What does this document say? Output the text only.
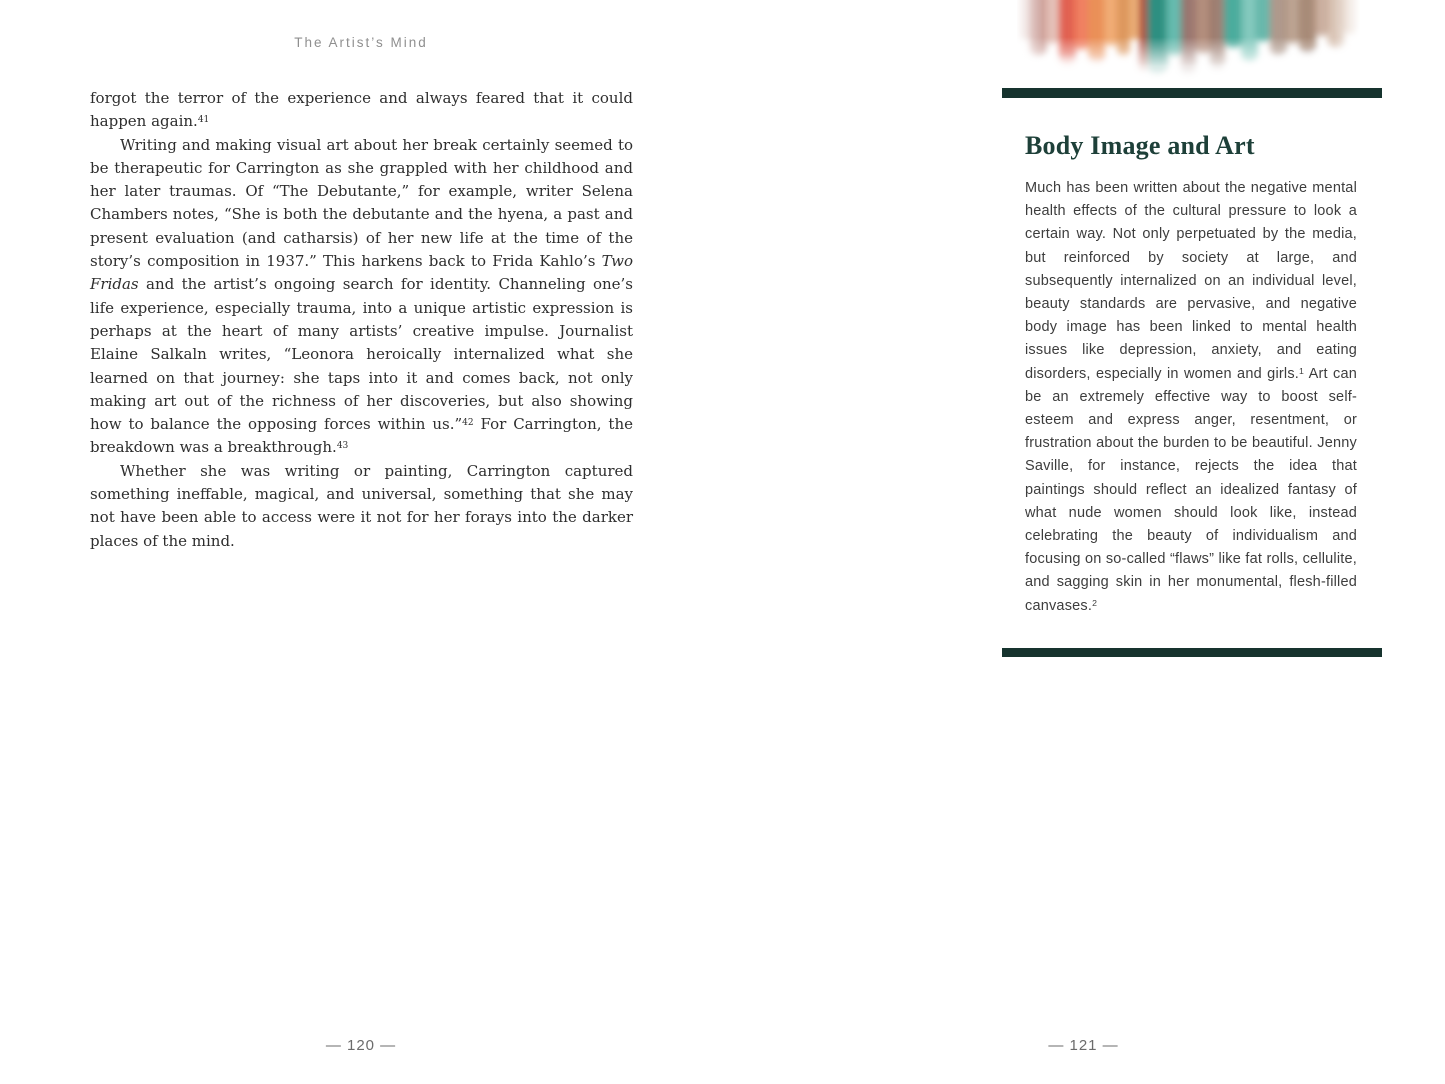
The Artist’s Mind

forgot the terror of the experience and always feared that it could happen again.$^{41}$

Writing and making visual art about her break certainly seemed to be therapeutic for Carrington as she grappled with her childhood and her later traumas. Of “The Debutante,” for example, writer Selena Chambers notes, “She is both the debutante and the hyena, a past and present evaluation (and catharsis) of her new life at the time of the story’s composition in 1937.” This harkens back to Frida Kahlo’s Two Fridas and the artist’s ongoing search for identity. Channeling one’s life experience, especially trauma, into a unique artistic expression is perhaps at the heart of many artists’ creative impulse. Journalist Elaine Salkaln writes, “Leonora heroically internalized what she learned on that journey: she taps into it and comes back, not only making art out of the richness of her discoveries, but also showing how to balance the opposing forces within us.”$^{42}$ For Carrington, the breakdown was a breakthrough.$^{43}$

Whether she was writing or painting, Carrington captured something ineffable, magical, and universal, something that she may not have been able to access were it not for her forays into the darker places of the mind.

— 120 —
Body Image and Art
Much has been written about the negative mental health effects of the cultural pressure to look a certain way. Not only perpetuated by the media, but reinforced by society at large, and subsequently internalized on an individual level, beauty standards are pervasive, and negative body image has been linked to mental health issues like depression, anxiety, and eating disorders, especially in women and girls.$^1$ Art can be an extremely effective way to boost self-esteem and express anger, resentment, or frustration about the burden to be beautiful. Jenny Saville, for instance, rejects the idea that paintings should reflect an idealized fantasy of what nude women should look like, instead celebrating the beauty of individualism and focusing on so-called “flaws” like fat rolls, cellulite, and sagging skin in her monumental, flesh-filled canvases.$^2$
— 121 —
